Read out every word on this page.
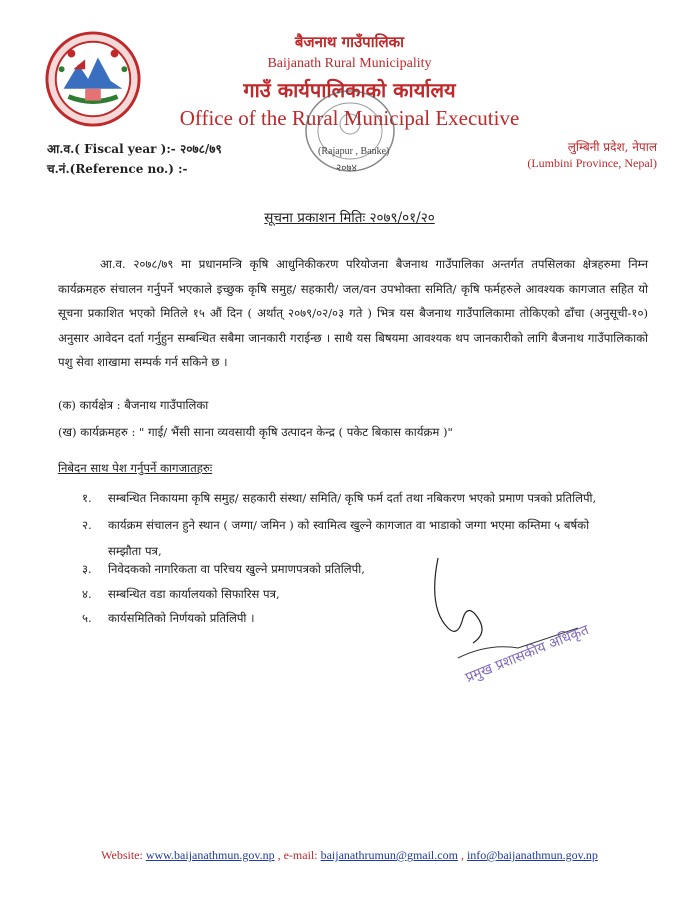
बैजनाथ गाउँपालिका
Baijanath Rural Municipality
गाउँ कार्यपालिकाको कार्यालय
Office of the Rural Municipal Executive
(Rajapur , Banke)
२०७४
आ.व.( Fiscal year ):- २०७८/७९
च.नं.(Reference no.) :-
लुम्बिनी प्रदेश, नेपाल
(Lumbini Province, Nepal)
सूचना प्रकाशन मितिः २०७९/०१/२०
आ.व. २०७८/७९ मा प्रधानमन्त्रि कृषि आधुनिकीकरण परियोजना बैजनाथ गाउँपालिका अन्तर्गत तपसिलका क्षेत्रहरुमा निम्न कार्यक्रमहरु संचालन गर्नुपर्ने भएकाले इच्छुक कृषि समुह/ सहकारी/ जल/वन उपभोक्ता समिति/ कृषि फर्महरुले आवश्यक कागजात सहित यो सूचना प्रकाशित भएको मितिले १५ औं दिन ( अर्थात् २०७९/०२/०३ गते ) भित्र यस बैजनाथ गाउँपालिकामा तोकिएको ढाँचा (अनुसूची-१०) अनुसार आवेदन दर्ता गर्नुहुन सम्बन्धित सबैमा जानकारी गराईन्छ । साथै यस बिषयमा आवश्यक थप जानकारीको लागि बैजनाथ गाउँपालिकाको पशु सेवा शाखामा सम्पर्क गर्न सकिने छ ।
(क) कार्यक्षेत्र : बैजनाथ गाउँपालिका
(ख) कार्यक्रमहरु : " गाई/ भैंसी साना व्यवसायी कृषि उत्पादन केन्द्र ( पकेट बिकास कार्यक्रम )"
निबेदन साथ पेश गर्नुपर्ने कागजातहरुः
१. सम्बन्धित निकायमा कृषि समुह/ सहकारी संस्था/ समिति/ कृषि फर्म दर्ता तथा नबिकरण भएको प्रमाण पत्रको प्रतिलिपी,
२. कार्यक्रम संचालन हुने स्थान ( जग्गा/ जमिन ) को स्वामित्व खुल्ने कागजात वा भाडाको जग्गा भएमा कम्तिमा ५ बर्षको
सम्झौता पत्र,
३. निवेदकको नागरिकता वा परिचय खुल्ने प्रमाणपत्रको प्रतिलिपी,
४. सम्बन्धित वडा कार्यालयको सिफारिस पत्र,
५. कार्यसमितिको निर्णयको प्रतिलिपी ।
प्रमुख प्रशासकीय अधिकृत
Website: www.baijanathmun.gov.np , e-mail: baijanathrumun@gmail.com , info@baijanathmun.gov.np
